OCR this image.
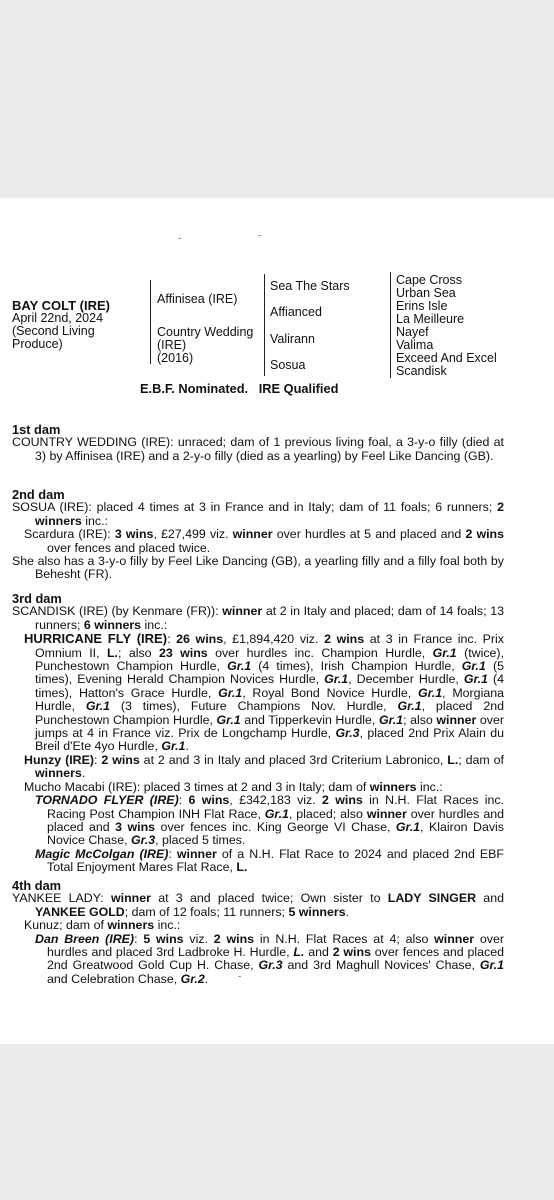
BAY COLT (IRE)
April 22nd, 2024
(Second Living
Produce)
Affinisea (IRE)
Country Wedding
(IRE)
(2016)
Sea The Stars
Affianced
Valirann
Sosua
Cape Cross
Urban Sea
Erins Isle
La Meilleure
Nayef
Valima
Exceed And Excel
Scandisk
E.B.F. Nominated. IRE Qualified

1st dam

COUNTRY WEDDING (IRE): unraced; dam of 1 previous living foal, a 3-y-o filly (died at 3) by Affinisea (IRE) and a 2-y-o filly (died as a yearling) by Feel Like Dancing (GB).

2nd dam

SOSUA (IRE): placed 4 times at 3 in France and in Italy; dam of 11 foals; 6 runners; 2 winners inc.:

Scardura (IRE): 3 wins, £27,499 viz. winner over hurdles at 5 and placed and 2 wins over fences and placed twice.

She also has a 3-y-o filly by Feel Like Dancing (GB), a yearling filly and a filly foal both by Behesht (FR).

3rd dam

SCANDISK (IRE) (by Kenmare (FR)): winner at 2 in Italy and placed; dam of 14 foals; 13 runners; 6 winners inc.:

HURRICANE FLY (IRE): 26 wins, £1,894,420 viz. 2 wins at 3 in France inc. Prix Omnium II, L.; also 23 wins over hurdles inc. Champion Hurdle, Gr.1 (twice), Punchestown Champion Hurdle, Gr.1 (4 times), Irish Champion Hurdle, Gr.1 (5 times), Evening Herald Champion Novices Hurdle, Gr.1, December Hurdle, Gr.1 (4 times), Hatton's Grace Hurdle, Gr.1, Royal Bond Novice Hurdle, Gr.1, Morgiana Hurdle, Gr.1 (3 times), Future Champions Nov. Hurdle, Gr.1, placed 2nd Punchestown Champion Hurdle, Gr.1 and Tipperkevin Hurdle, Gr.1; also winner over jumps at 4 in France viz. Prix de Longchamp Hurdle, Gr.3, placed 2nd Prix Alain du Breil d'Ete 4yo Hurdle, Gr.1.

Hunzy (IRE): 2 wins at 2 and 3 in Italy and placed 3rd Criterium Labronico, L.; dam of winners.

Mucho Macabi (IRE): placed 3 times at 2 and 3 in Italy; dam of winners inc.:

TORNADO FLYER (IRE): 6 wins, £342,183 viz. 2 wins in N.H. Flat Races inc. Racing Post Champion INH Flat Race, Gr.1, placed; also winner over hurdles and placed and 3 wins over fences inc. King George VI Chase, Gr.1, Klairon Davis Novice Chase, Gr.3, placed 5 times.

Magic McColgan (IRE): winner of a N.H. Flat Race to 2024 and placed 2nd EBF Total Enjoyment Mares Flat Race, L.

4th dam

YANKEE LADY: winner at 3 and placed twice; Own sister to LADY SINGER and YANKEE GOLD; dam of 12 foals; 11 runners; 5 winners.

Kunuz; dam of winners inc.:

Dan Breen (IRE): 5 wins viz. 2 wins in N.H. Flat Races at 4; also winner over hurdles and placed 3rd Ladbroke H. Hurdle, L. and 2 wins over fences and placed 2nd Greatwood Gold Cup H. Chase, Gr.3 and 3rd Maghull Novices' Chase, Gr.1 and Celebration Chase, Gr.2.
